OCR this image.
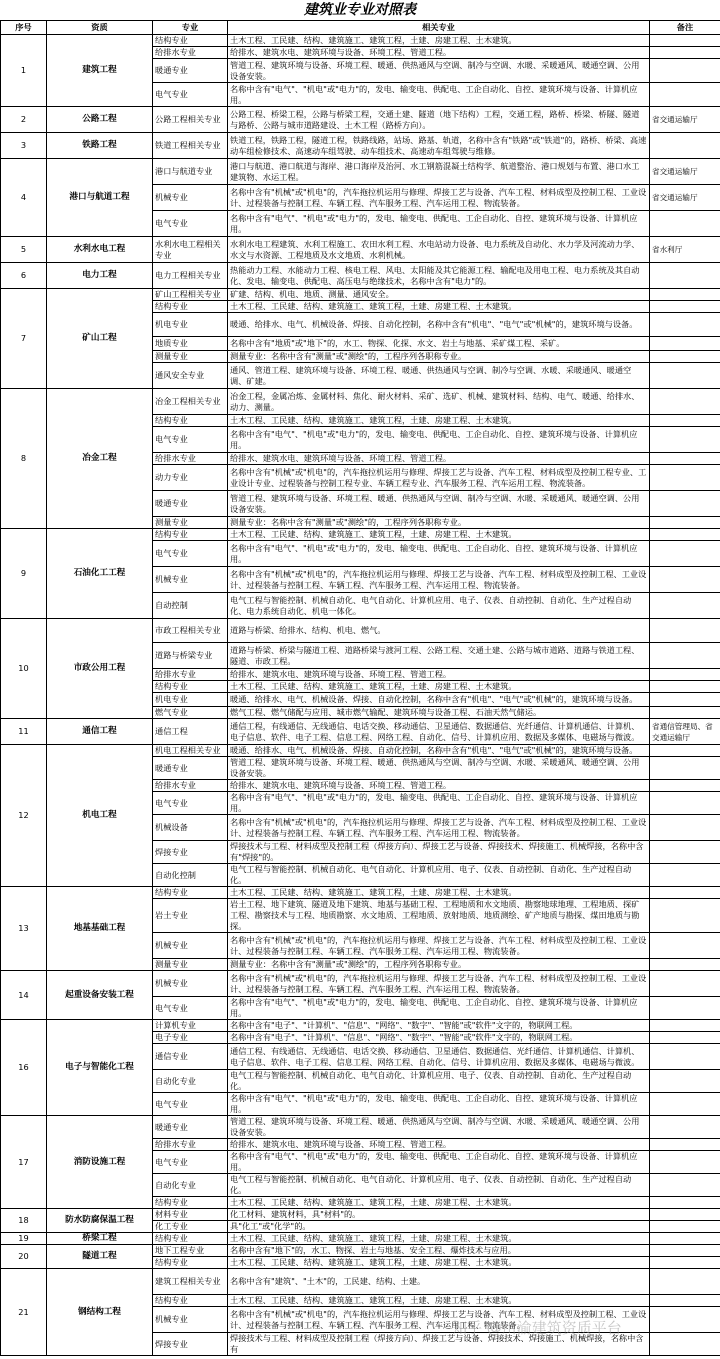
建筑业专业对照表
序号	资质	专业	相关专业	备注
1	建筑工程	结构专业	土木工程、工民建、结构、建筑施工、建筑工程，土建、房建工程、土木建筑。	
		给排水专业	给排水、建筑水电、建筑环境与设备、环境工程、管道工程。	
		暖通专业	管道工程、建筑环境与设备、环境工程、暖通、供热通风与空调、制冷与空调、水暖、采暖通风、暖通空调、公用设备安装。	
		电气专业	名称中含有"电气"、"机电"或"电力"的，发电、输变电、供配电、工企自动化、自控、建筑环境与设备、计算机应用。	
2	公路工程	公路工程相关专业	公路工程、桥梁工程，公路与桥梁工程，交通土建、隧道（地下结构）工程，交通工程，路桥、桥梁、桥隧、隧道与路桥、公路与城市道路建设、土木工程（路桥方向）。	省交通运输厅
3	铁路工程	铁道工程相关专业	铁道工程，铁路工程，隧道工程，铁路线路，站场、路基、轨道，名称中含有"铁路"或"铁道"的，路桥、桥梁、高速动车组检修技术、高速动车组驾驶、动车组技术、高速动车组驾驶与维修。	
4	港口与航道工程	港口与航道专业	港口与航道、港口航道与海岸、港口海岸及治河、水工钢筋混凝土结构学、航道整治、港口规划与布置、港口水工建筑物、水运工程。	省交通运输厅
		机械专业	名称中含有"机械"或"机电"的，汽车拖拉机运用与修理、焊接工艺与设备、汽车工程、材料成型及控制工程、工业设计、过程装备与控制工程、车辆工程、汽车服务工程、汽车运用工程、物流装备。	省交通运输厅
		电气专业	名称中含有"电气"、"机电"或"电力"的，发电、输变电、供配电、工企自动化、自控、建筑环境与设备、计算机应用。	
5	水利水电工程	水利水电工程相关专业	水利水电工程建筑、水利工程施工、农田水利工程、水电站动力设备、电力系统及自动化、水力学及河流动力学、水文与水资源、工程地质及水文地质、水利机械。	省水利厅
6	电力工程	电力工程相关专业	热能动力工程、水能动力工程、核电工程、风电、太阳能及其它能源工程、输配电及用电工程、电力系统及其自动化、发电、输变电、供配电、高压电与绝缘技术，名称中含有"电力"的。	
7	矿山工程	矿山工程相关专业	矿建、结构、机电、地质、测量、通风安全。	
		结构专业	土木工程、工民建、结构、建筑施工、建筑工程，土建、房建工程、土木建筑。	
		机电专业	暖通、给排水、电气、机械设备、焊接、自动化控制，名称中含有"机电"、"电气"或"机械"的，建筑环境与设备。	
		地质专业	名称中含有"地质"或"地下"的，水工、物探、化探、水文、岩土与地基、采矿煤工程、采矿。	
		测量专业	测量专业：名称中含有"测量"或"测绘"的，工程序列各职称专业。	
		通风安全专业	通风、管道工程、建筑环境与设备、环境工程、暖通、供热通风与空调、制冷与空调、水暖、采暖通风、暖通空调、矿建。	
8	冶金工程	冶金工程相关专业	冶金工程，金属冶炼、金属材料、焦化、耐火材料、采矿、选矿、机械、建筑材料、结构、电气、暖通、给排水、动力、测量。	
		结构专业	土木工程、工民建、结构、建筑施工、建筑工程，土建、房建工程、土木建筑。	
		电气专业	名称中含有"电气"、"机电"或"电力"的，发电、输变电、供配电、工企自动化、自控、建筑环境与设备、计算机应用。	
		给排水专业	给排水、建筑水电、建筑环境与设备、环境工程、管道工程。	
		动力专业	名称中含有"机械"或"机电"的，汽车拖拉机运用与修理、焊接工艺与设备、汽车工程、材料成型及控制工程专业、工业设计专业、过程装备与控制工程专业、车辆工程专业、汽车服务工程、汽车运用工程、物流装备。	
		暖通专业	管道工程、建筑环境与设备、环境工程、暖通、供热通风与空调、制冷与空调、水暖、采暖通风、暖通空调、公用设备安装。	
		测量专业	测量专业：名称中含有"测量"或"测绘"的，工程序列各职称专业。	
9	石油化工工程	结构专业	土木工程、工民建、结构、建筑施工、建筑工程，土建、房建工程、土木建筑。	
		电气专业	名称中含有"电气"、"机电"或"电力"的，发电、输变电、供配电、工企自动化、自控、建筑环境与设备、计算机应用。	
		机械专业	名称中含有"机械"或"机电"的，汽车拖拉机运用与修理、焊接工艺与设备、汽车工程、材料成型及控制工程、工业设计、过程装备与控制工程、车辆工程、汽车服务工程、汽车运用工程、物流装备。	
		自动控制	电气工程与智能控制、机械自动化、电气自动化、计算机应用、电子、仪表、自动控制、自动化、生产过程自动化、电力系统自动化、机电一体化。	
10	市政公用工程	市政工程相关专业	道路与桥梁、给排水、结构、机电、燃气。	
		道路与桥梁专业	道路与桥梁、桥梁与隧道工程、道路桥梁与渡河工程、公路工程、交通土建、公路与城市道路、道路与铁道工程、隧道、市政工程。	
		给排水专业	给排水、建筑水电、建筑环境与设备、环境工程、管道工程。	
		结构专业	土木工程、工民建、结构、建筑施工、建筑工程，土建、房建工程、土木建筑。	
		机电专业	暖通、给排水、电气、机械设备、焊接、自动化控制，名称中含有"机电"、"电气"或"机械"的，建筑环境与设备。	
		燃气专业	燃气工程、燃气储配与应用、城市燃气输配、建筑环境与设备工程、石油天然气储运。	
11	通信工程	通信工程	通信工程，有线通信、无线通信、电话交换、移动通信、卫星通信、数据通信、光纤通信、计算机通信、计算机、电子信息、软件、电子工程、信息工程、网络工程、自动化、信号、计算机应用、数据及多媒体、电磁场与微波。	省通信管理局、省交通运输厅
12	机电工程	机电工程相关专业	暖通、给排水、电气、机械设备、焊接、自动化控制，名称中含有"机电"、"电气"或"机械"的，建筑环境与设备。	
		暖通专业	管道工程、建筑环境与设备、环境工程、暖通、供热通风与空调、制冷与空调、水暖、采暖通风、暖通空调、公用设备安装。	
		给排水专业	给排水、建筑水电、建筑环境与设备、环境工程、管道工程。	
		电气专业	名称中含有"电气"、"机电"或"电力"的，发电、输变电、供配电、工企自动化、自控、建筑环境与设备、计算机应用。	
		机械设备	名称中含有"机械"或"机电"的，汽车拖拉机运用与修理、焊接工艺与设备、汽车工程、材料成型及控制工程、工业设计、过程装备与控制工程、车辆工程、汽车服务工程、汽车运用工程、物流装备。	
		焊接专业	焊接技术与工程、材料成型及控制工程（焊接方向）、焊接工艺与设备、焊接技术、焊接施工、机械焊接，名称中含有"焊接"的。	
		自动化控制	电气工程与智能控制、机械自动化、电气自动化、计算机应用、电子、仪表、自动控制、自动化、生产过程自动化。	
13	地基基础工程	结构专业	土木工程、工民建、结构、建筑施工、建筑工程，土建、房建工程、土木建筑。	
		岩土专业	岩土工程、地下建筑、隧道及地下建筑、地基与基础工程、工程地质和水文地质、勘察地球地理、工程地质、探矿工程、勘察技术与工程、地质勘察、水文地质、工程地质、放射地质、地质测绘、矿产地质与勘探、煤田地质与勘探。	
		机械专业	名称中含有"机械"或"机电"的，汽车拖拉机运用与修理、焊接工艺与设备、汽车工程、材料成型及控制工程、工业设计、过程装备与控制工程、车辆工程、汽车服务工程、汽车运用工程、物流装备。	
		测量专业	测量专业：名称中含有"测量"或"测绘"的，工程序列各职称专业。	
14	起重设备安装工程	机械专业	名称中含有"机械"或"机电"的，汽车拖拉机运用与修理、焊接工艺与设备、汽车工程、材料成型及控制工程、工业设计、过程装备与控制工程、车辆工程、汽车服务工程、汽车运用工程、物流装备。	
		电气专业	名称中含有"电气"、"机电"或"电力"的，发电、输变电、供配电、工企自动化、自控、建筑环境与设备、计算机应用。	
16	电子与智能化工程	计算机专业	名称中含有"电子"、"计算机"、"信息"、"网络"、"数字"、"智能"或"软件"文字的，物联网工程。	
		电子专业	名称中含有"电子"、"计算机"、"信息"、"网络"、"数字"、"智能"或"软件"文字的，物联网工程。	
		通信专业	通信工程、有线通信、无线通信、电话交换、移动通信、卫星通信、数据通信、光纤通信、计算机通信、计算机、电子信息、软件、电子工程、信息工程、网络工程、自动化、信号、计算机应用、数据及多媒体、电磁场与微波。	
		自动化专业	电气工程与智能控制、机械自动化、电气自动化、计算机应用、电子、仪表、自动控制、自动化、生产过程自动化。	
		电气专业	名称中含有"电气"、"机电"或"电力"的，发电、输变电、供配电、工企自动化、自控、建筑环境与设备、计算机应用。	
17	消防设施工程	暖通专业	管道工程、建筑环境与设备、环境工程、暖通、供热通风与空调、制冷与空调、水暖、采暖通风、暖通空调、公用设备安装。	
		给排水专业	给排水、建筑水电、建筑环境与设备、环境工程、管道工程。	
		电气专业	名称中含有"电气"、"机电"或"电力"的，发电、输变电、供配电、工企自动化、自控、建筑环境与设备、计算机应用。	
		自动化专业	电气工程与智能控制、机械自动化、电气自动化、计算机应用、电子、仪表、自动控制、自动化、生产过程自动化。	
		结构专业	土木工程、工民建、结构、建筑施工、建筑工程，土建、房建工程、土木建筑。	
18	防水防腐保温工程	材料专业	化工材料、建筑材料，具"材料"的。	
		化工专业	具"化工"或"化学"的。	
19	桥梁工程	结构专业	土木工程、工民建、结构、建筑施工、建筑工程，土建、房建工程、土木建筑。	
20	隧道工程	地下工程专业	名称中含有"地下"的，水工、物探、岩土与地基、安全工程、爆炸技术与应用。	
		结构专业	土木工程、工民建、结构、建筑施工、建筑工程，土建、房建工程、土木建筑。	
21	钢结构工程	建筑工程相关专业	名称中含有"建筑"、"土木"的，工民建、结构、土建。	
		结构专业	土木工程、工民建、结构、建筑施工、建筑工程，土建、房建工程、土木建筑。	
		机械专业	名称中含有"机械"或"机电"的，汽车拖拉机运用与修理、焊接工艺与设备、汽车工程、材料成型及控制工程、工业设计、过程装备与控制工程、车辆工程、汽车服务工程、汽车运用工程、物流装备。	
		焊接专业	焊接技术与工程、材料成型及控制工程（焊接方向）、焊接工艺与设备、焊接技术、焊接施工、机械焊接，名称中含有	
知乎 @川渝建筑资质平台
